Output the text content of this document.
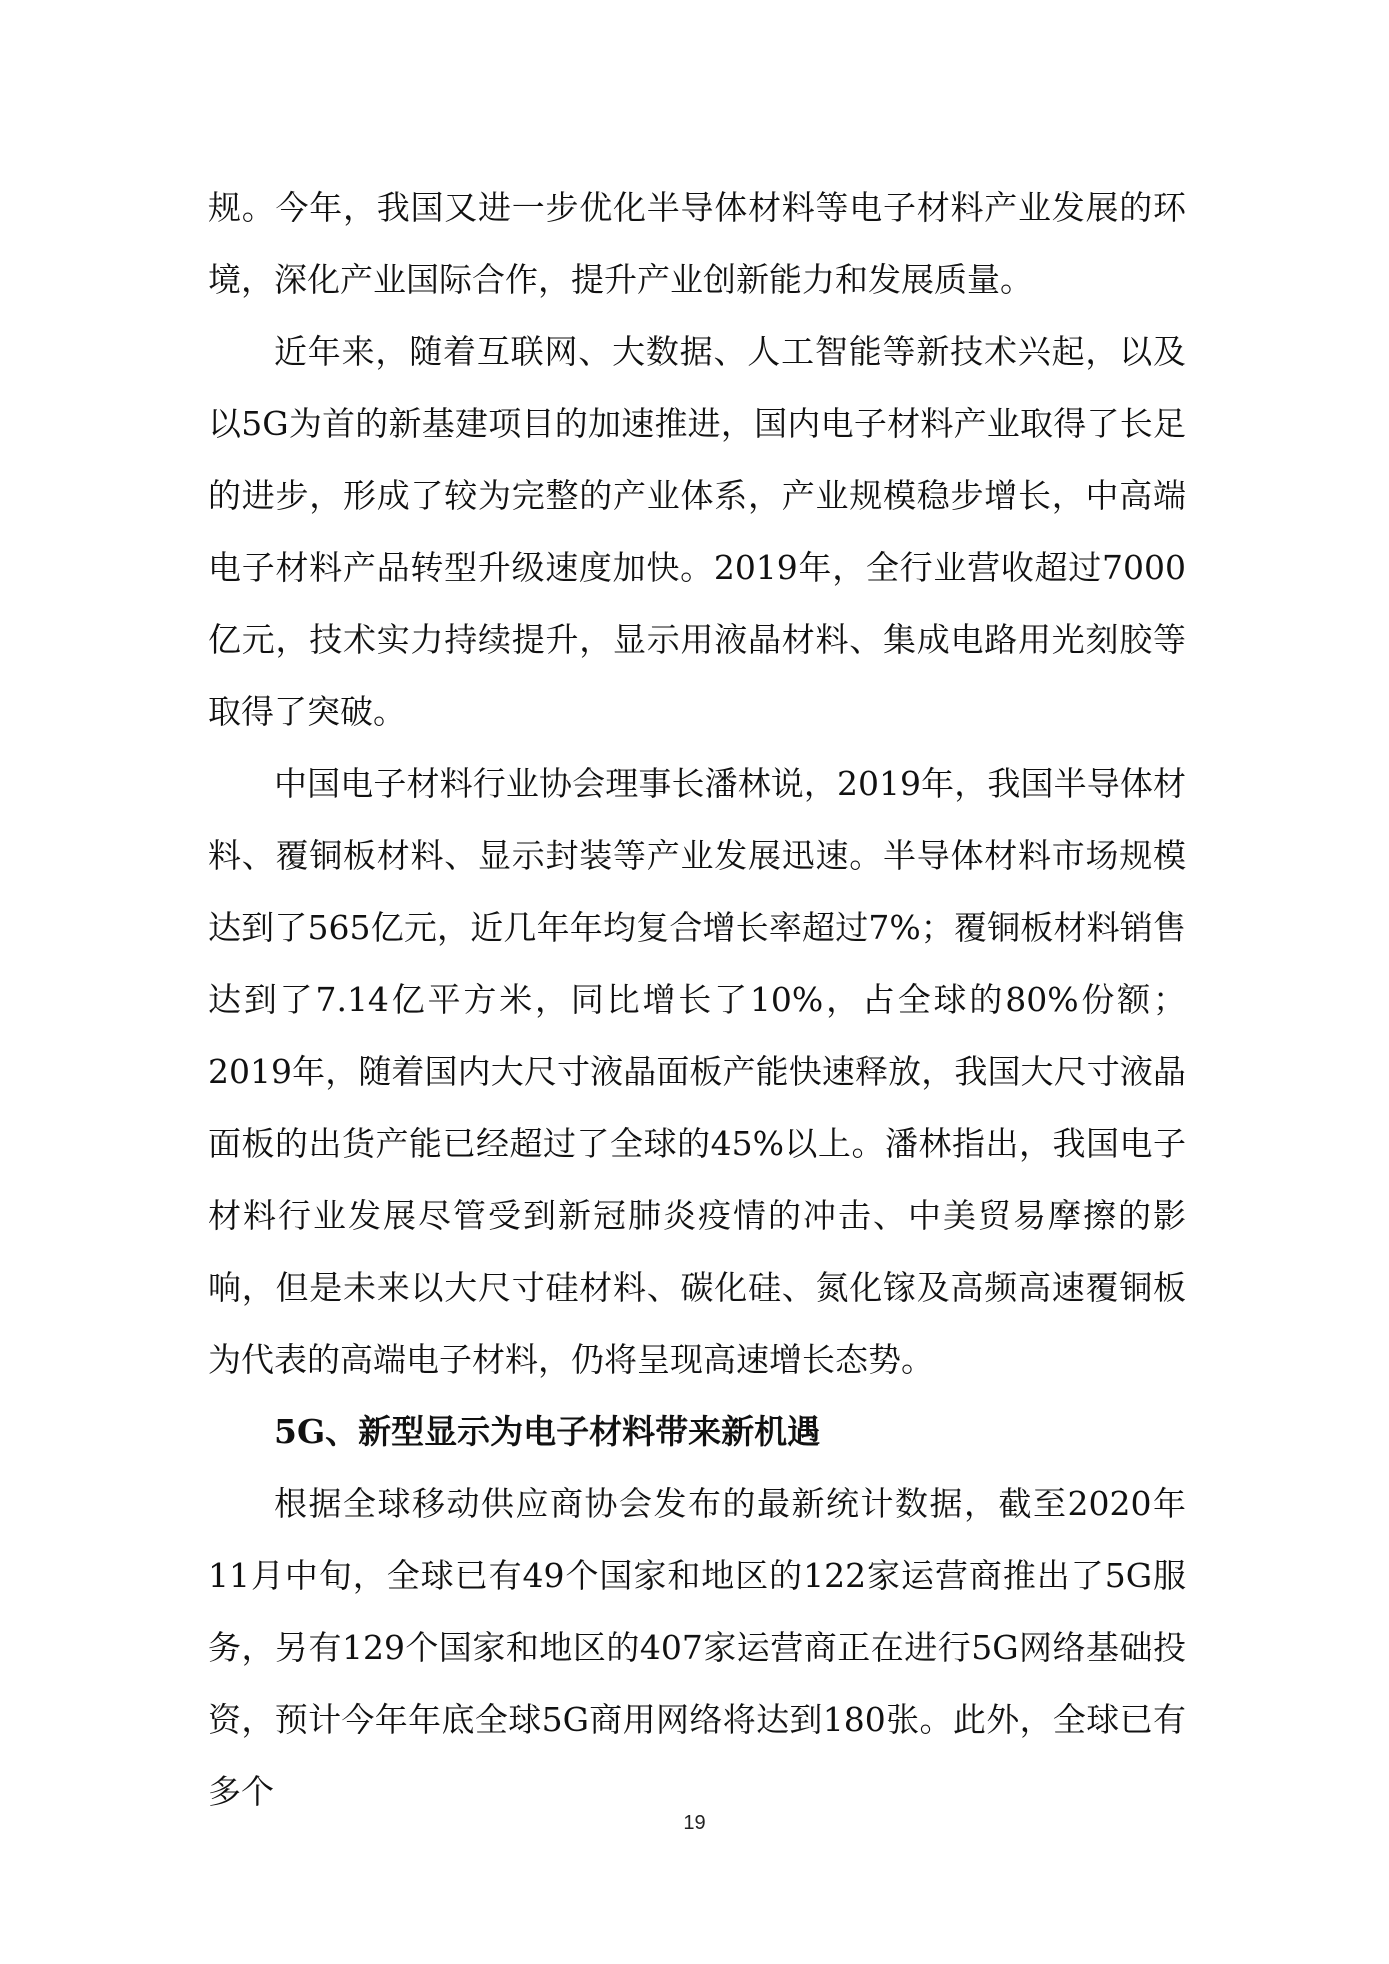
规。今年，我国又进一步优化半导体材料等电子材料产业发展的环境，深化产业国际合作，提升产业创新能力和发展质量。

近年来，随着互联网、大数据、人工智能等新技术兴起，以及以5G为首的新基建项目的加速推进，国内电子材料产业取得了长足的进步，形成了较为完整的产业体系，产业规模稳步增长，中高端电子材料产品转型升级速度加快。2019年，全行业营收超过7000亿元，技术实力持续提升，显示用液晶材料、集成电路用光刻胶等取得了突破。

中国电子材料行业协会理事长潘林说，2019年，我国半导体材料、覆铜板材料、显示封装等产业发展迅速。半导体材料市场规模达到了565亿元，近几年年均复合增长率超过7%；覆铜板材料销售达到了7.14亿平方米，同比增长了10%，占全球的80%份额；2019年，随着国内大尺寸液晶面板产能快速释放，我国大尺寸液晶面板的出货产能已经超过了全球的45%以上。潘林指出，我国电子材料行业发展尽管受到新冠肺炎疫情的冲击、中美贸易摩擦的影响，但是未来以大尺寸硅材料、碳化硅、氮化镓及高频高速覆铜板为代表的高端电子材料，仍将呈现高速增长态势。

5G、新型显示为电子材料带来新机遇

根据全球移动供应商协会发布的最新统计数据，截至2020年11月中旬，全球已有49个国家和地区的122家运营商推出了5G服务，另有129个国家和地区的407家运营商正在进行5G网络基础投资，预计今年年底全球5G商用网络将达到180张。此外，全球已有多个

19
